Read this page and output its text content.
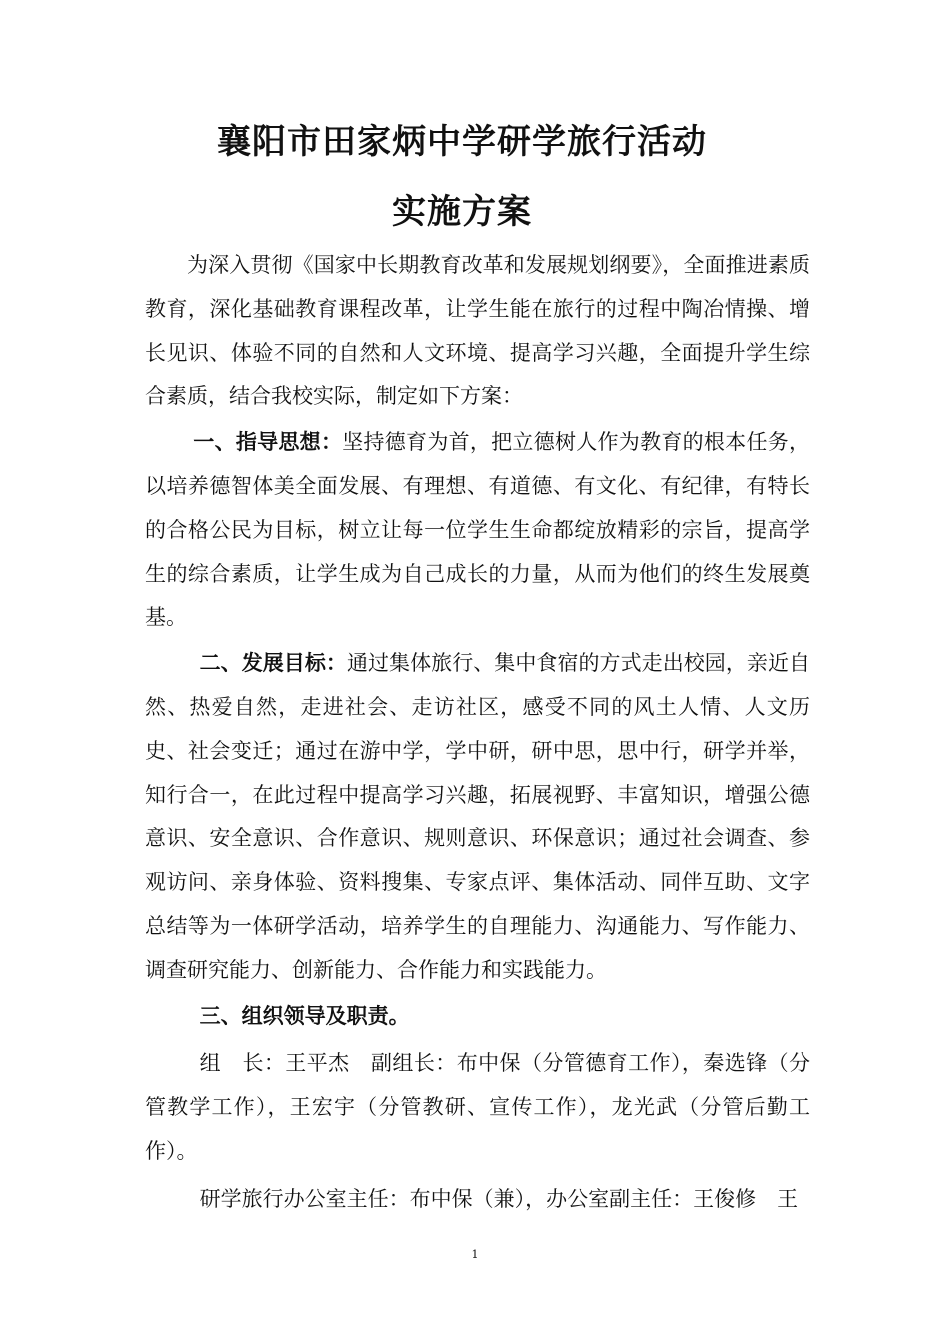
襄阳市田家炳中学研学旅行活动
实施方案

为深入贯彻《国家中长期教育改革和发展规划纲要》，全面推进素质教育，深化基础教育课程改革，让学生能在旅行的过程中陶冶情操、增长见识、体验不同的自然和人文环境、提高学习兴趣，全面提升学生综合素质，结合我校实际，制定如下方案：

一、指导思想：坚持德育为首，把立德树人作为教育的根本任务，以培养德智体美全面发展、有理想、有道德、有文化、有纪律，有特长的合格公民为目标，树立让每一位学生生命都绽放精彩的宗旨，提高学生的综合素质，让学生成为自己成长的力量，从而为他们的终生发展奠基。

二、发展目标：通过集体旅行、集中食宿的方式走出校园，亲近自然、热爱自然，走进社会、走访社区，感受不同的风土人情、人文历史、社会变迁；通过在游中学，学中研，研中思，思中行，研学并举，知行合一，在此过程中提高学习兴趣，拓展视野、丰富知识，增强公德意识、安全意识、合作意识、规则意识、环保意识；通过社会调查、参观访问、亲身体验、资料搜集、专家点评、集体活动、同伴互助、文字总结等为一体研学活动，培养学生的自理能力、沟通能力、写作能力、调查研究能力、创新能力、合作能力和实践能力。

三、组织领导及职责。

组　长：王平杰　副组长：布中保（分管德育工作），秦选锋（分管教学工作），王宏宇（分管教研、宣传工作），龙光武（分管后勤工作）。

研学旅行办公室主任：布中保（兼），办公室副主任：王俊修　王

1
